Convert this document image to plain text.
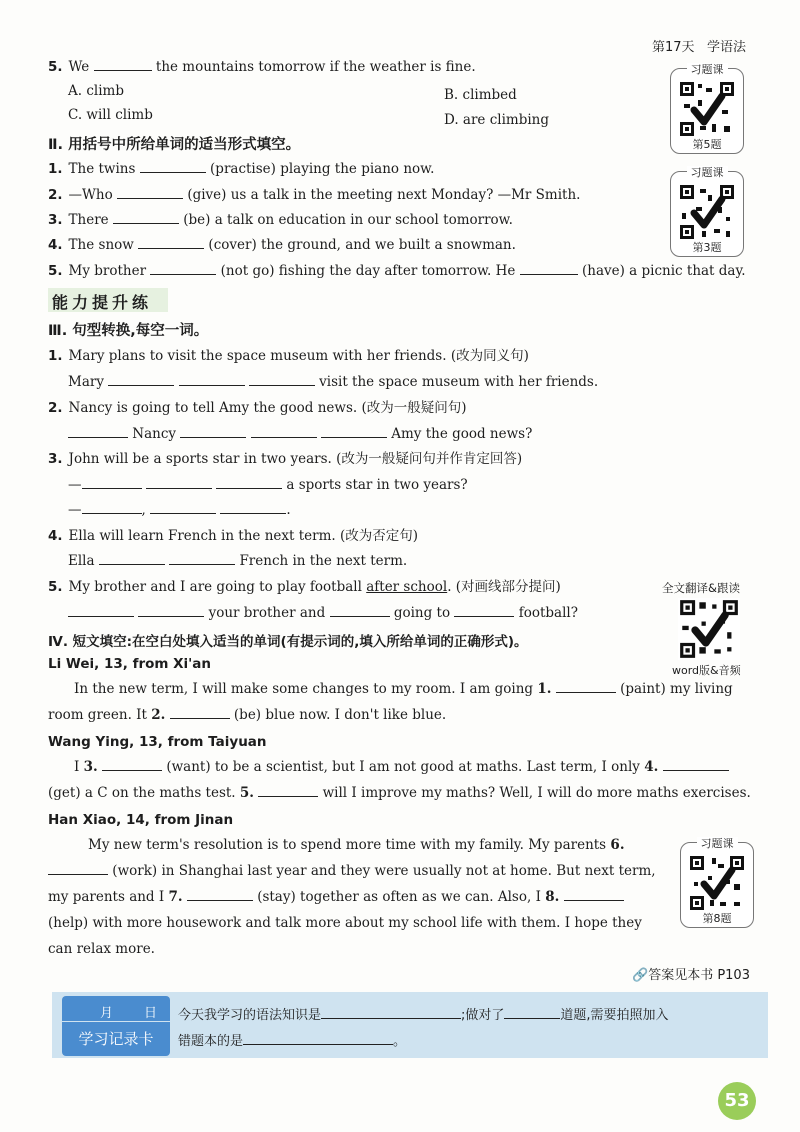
第17天 学语法
5. We	the mountains tomorrow if the weather is fine.
A. climb	B. climbed
C. will climb	D. are climbing
Ⅱ. 用括号中所给单词的适当形式填空。
1. The twins	(practise) playing the piano now.
2. —Who	(give) us a talk in the meeting next Monday? —Mr Smith.
3. There	(be) a talk on education in our school tomorrow.
4. The snow	(cover) the ground, and we built a snowman.
5. My brother	(not go) fishing the day after tomorrow. He	(have) a picnic that day.
能力提升练
Ⅲ. 句型转换,每空一词。
1. Mary plans to visit the space museum with her friends. (改为同义句)
Mary	visit the space museum with her friends.
2. Nancy is going to tell Amy the good news. (改为一般疑问句)
Nancy	Amy the good news?
3. John will be a sports star in two years. (改为一般疑问句并作肯定回答)
—	a sports star in two years?
—	,	.
4. Ella will learn French in the next term. (改为否定句)
Ella	French in the next term.
5. My brother and I are going to play football after school. (对画线部分提问)
your brother and	going to	football?
Ⅳ. 短文填空:在空白处填入适当的单词(有提示词的,填入所给单词的正确形式)。
Li Wei, 13, from Xi'an
In the new term, I will make some changes to my room. I am going 1.	(paint) my living room green. It 2.	(be) blue now. I don't like blue.
Wang Ying, 13, from Taiyuan
I 3.	(want) to be a scientist, but I am not good at maths. Last term, I only 4.  (get) a C on the maths test. 5.	will I improve my maths? Well, I will do more maths exercises.
Han Xiao, 14, from Jinan
My new term's resolution is to spend more time with my family. My parents 6.  (work) in Shanghai last year and they were usually not at home. But next term, my parents and I 7.	(stay) together as often as we can. Also, I 8.  (help) with more housework and talk more about my school life with them. I hope they can relax more.
习题课
第5题
习题课
第3题
全文翻译&跟读
word版&音频
习题课
第8题
🔗答案见本书 P103
月 日
学习记录卡
今天我学习的语法知识是	;做对了	道题,需要拍照加入
错题本的是	。
53
